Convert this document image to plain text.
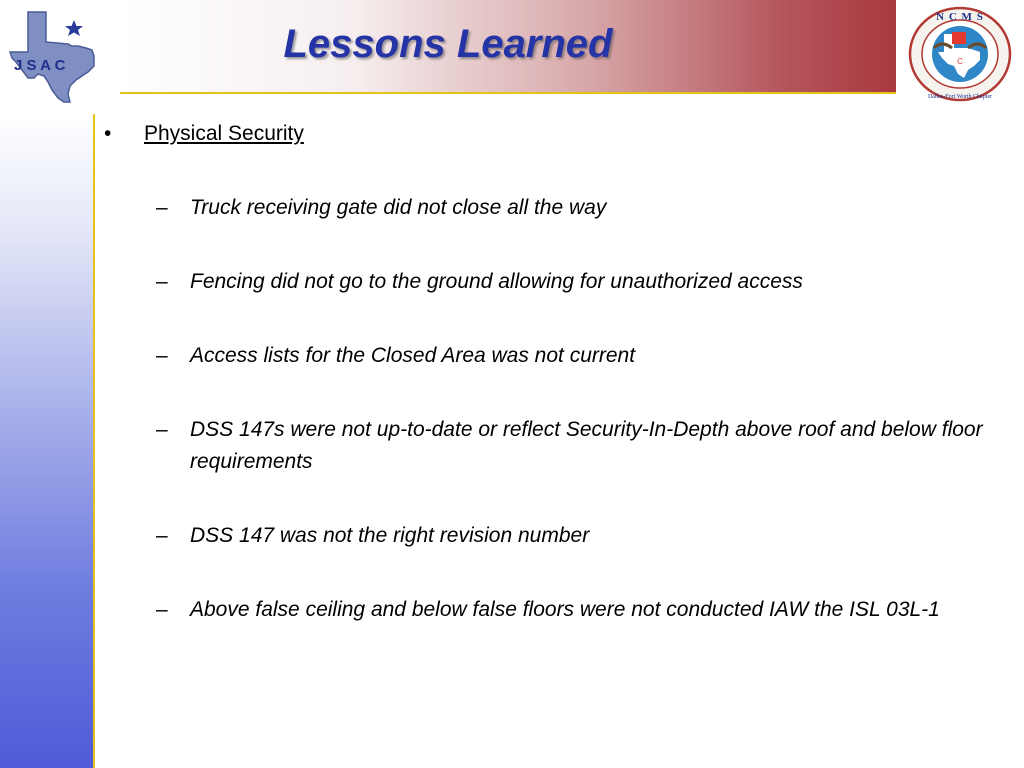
J S A C	Lessons Learned	C
N C M S
Dallas-Fort Worth Chapter
• Physical Security
– Truck receiving gate did not close all the way
– Fencing did not go to the ground allowing for unauthorized access
– Access lists for the Closed Area was not current
– DSS 147s were not up-to-date or reflect Security-In-Depth above roof and below floor requirements
– DSS 147 was not the right revision number
– Above false ceiling and below false floors were not conducted IAW the ISL 03L-1
